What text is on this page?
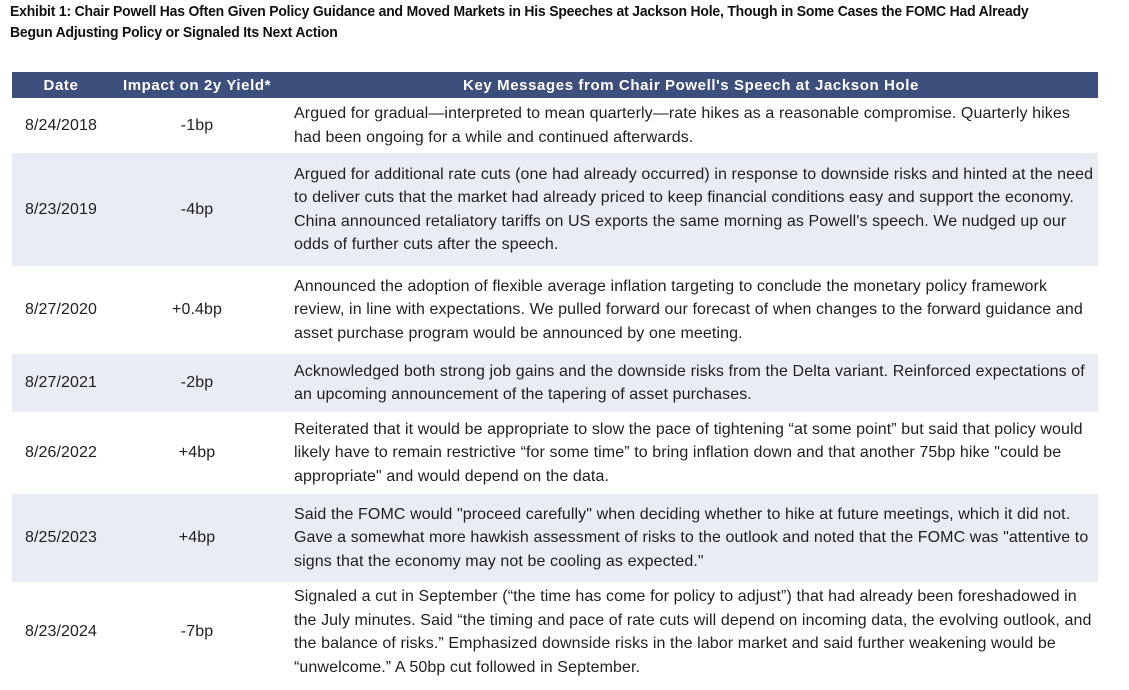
Exhibit 1: Chair Powell Has Often Given Policy Guidance and Moved Markets in His Speeches at Jackson Hole, Though in Some Cases the FOMC Had Already Begun Adjusting Policy or Signaled Its Next Action
Date	Impact on 2y Yield*	Key Messages from Chair Powell's Speech at Jackson Hole
8/24/2018	-1bp	Argued for gradual—interpreted to mean quarterly—rate hikes as a reasonable compromise. Quarterly hikes had been ongoing for a while and continued afterwards.
8/23/2019	-4bp	Argued for additional rate cuts (one had already occurred) in response to downside risks and hinted at the need to deliver cuts that the market had already priced to keep financial conditions easy and support the economy. China announced retaliatory tariffs on US exports the same morning as Powell's speech. We nudged up our odds of further cuts after the speech.
8/27/2020	+0.4bp	Announced the adoption of flexible average inflation targeting to conclude the monetary policy framework review, in line with expectations. We pulled forward our forecast of when changes to the forward guidance and asset purchase program would be announced by one meeting.
8/27/2021	-2bp	Acknowledged both strong job gains and the downside risks from the Delta variant. Reinforced expectations of an upcoming announcement of the tapering of asset purchases.
8/26/2022	+4bp	Reiterated that it would be appropriate to slow the pace of tightening “at some point” but said that policy would likely have to remain restrictive “for some time” to bring inflation down and that another 75bp hike "could be appropriate" and would depend on the data.
8/25/2023	+4bp	Said the FOMC would "proceed carefully" when deciding whether to hike at future meetings, which it did not. Gave a somewhat more hawkish assessment of risks to the outlook and noted that the FOMC was "attentive to signs that the economy may not be cooling as expected."
8/23/2024	-7bp	Signaled a cut in September (“the time has come for policy to adjust”) that had already been foreshadowed in the July minutes. Said “the timing and pace of rate cuts will depend on incoming data, the evolving outlook, and the balance of risks.” Emphasized downside risks in the labor market and said further weakening would be “unwelcome.” A 50bp cut followed in September.
